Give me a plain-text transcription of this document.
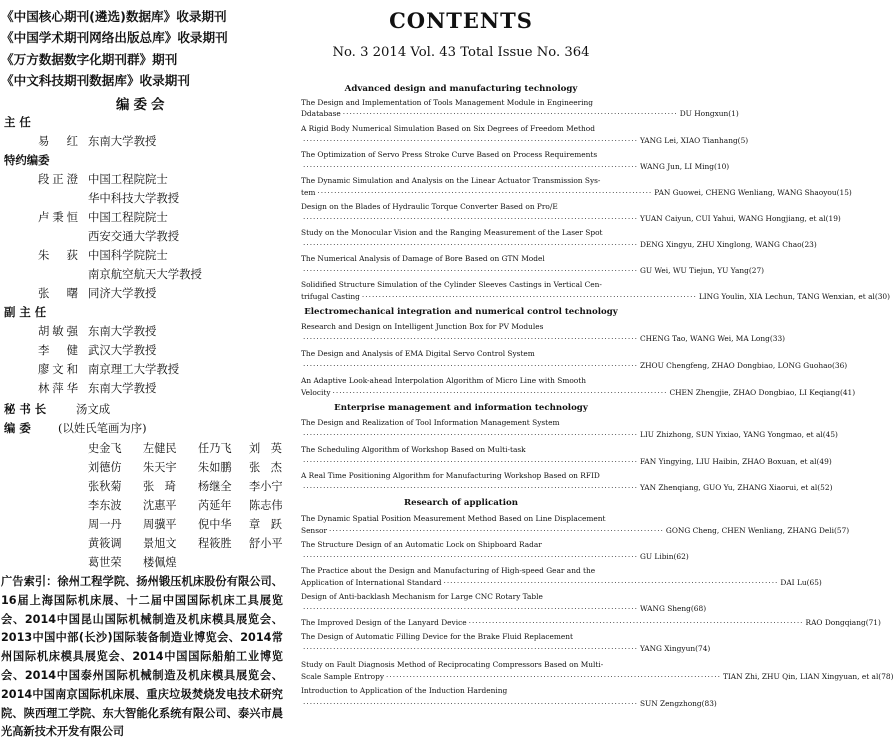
《中国核心期刊(遴选)数据库》收录期刊
《中国学术期刊网络出版总库》收录期刊
《万方数据数字化期刊群》期刊
《中文科技期刊数据库》收录期刊
编委会
主 任
易 红 东南大学教授
特约编委
段正澄 中国工程院院士
华中科技大学教授
卢秉恒 中国工程院院士
西安交通大学教授
朱 荻 中国科学院院士
南京航空航天大学教授
张 曙 同济大学教授
副 主 任
胡敏强 东南大学教授
李 健 武汉大学教授
廖文和 南京理工大学教授
林萍华 东南大学教授
秘 书 长	汤文成
编 委 (以姓氏笔画为序)
史金飞 左健民 任乃飞 刘 英
刘德仿 朱天宇 朱如鹏 张 杰
张秋菊 张 琦 杨继全 李小宁
李东波 沈惠平 芮延年 陈志伟
周一丹 周骥平 倪中华 章 跃
黄筱调 景旭文 程筱胜 舒小平
葛世荣 楼佩煌
广告索引：徐州工程学院、扬州锻压机床股份有限公司、16届上海国际机床展、十二届中国国际机床工具展览会、2014中国昆山国际机械制造及机床模具展览会、2013中国中部(长沙)国际装备制造业博览会、2014常州国际机床模具展览会、2014中国国际船舶工业博览会、2014中国泰州国际机械制造及机床模具展览会、2014中国南京国际机床展、重庆垃圾焚烧发电技术研究院、陕西理工学院、东大智能化系统有限公司、泰兴市晨光高新技术开发有限公司
CONTENTS
No. 3 2014 Vol. 43 Total Issue No. 364
Advanced design and manufacturing technology
The Design and Implementation of Tools Management Module in Engineering
Ddatabase ···································································································· DU Hongxun(1)
A Rigid Body Numerical Simulation Based on Six Degrees of Freedom Method
···································································································· YANG Lei, XIAO Tianhang(5)
The Optimization of Servo Press Stroke Curve Based on Process Requirements
···································································································· WANG Jun, LI Ming(10)
The Dynamic Simulation and Analysis on the Linear Actuator Transmission Sys-
tem ···································································································· PAN Guowei, CHENG Wenliang, WANG Shaoyou(15)
Design on the Blades of Hydraulic Torque Converter Based on Pro/E
···································································································· YUAN Caiyun, CUI Yahui, WANG Hongjiang, et al(19)
Study on the Monocular Vision and the Ranging Measurement of the Laser Spot
···································································································· DENG Xingyu, ZHU Xinglong, WANG Chao(23)
The Numerical Analysis of Damage of Bore Based on GTN Model
···································································································· GU Wei, WU Tiejun, YU Yang(27)
Solidified Structure Simulation of the Cylinder Sleeves Castings in Vertical Cen-
trifugal Casting ···································································································· LING Youlin, XIA Lechun, TANG Wenxian, et al(30)
Electromechanical integration and numerical control technology
Research and Design on Intelligent Junction Box for PV Modules
···································································································· CHENG Tao, WANG Wei, MA Long(33)
The Design and Analysis of EMA Digital Servo Control System
···································································································· ZHOU Chengfeng, ZHAO Dongbiao, LONG Guohao(36)
An Adaptive Look-ahead Interpolation Algorithm of Micro Line with Smooth
Velocity ···································································································· CHEN Zhengjie, ZHAO Dongbiao, LI Keqiang(41)
Enterprise management and information technology
The Design and Realization of Tool Information Management System
···································································································· LIU Zhizhong, SUN Yixiao, YANG Yongmao, et al(45)
The Scheduling Algorithm of Workshop Based on Multi-task
···································································································· FAN Yingying, LIU Haibin, ZHAO Boxuan, et al(49)
A Real Time Positioning Algorithm for Manufacturing Workshop Based on RFID
···································································································· YAN Zhenqiang, GUO Yu, ZHANG Xiaorui, et al(52)
Research of application
The Dynamic Spatial Position Measurement Method Based on Line Displacement
Sensor ···································································································· GONG Cheng, CHEN Wenliang, ZHANG Deli(57)
The Structure Design of an Automatic Lock on Shipboard Radar
···································································································· GU Libin(62)
The Practice about the Design and Manufacturing of High-speed Gear and the
Application of International Standard ···································································································· DAI Lu(65)
Design of Anti-backlash Mechanism for Large CNC Rotary Table
···································································································· WANG Sheng(68)
The Improved Design of the Lanyard Device ···································································································· RAO Dongqiang(71)
The Design of Automatic Filling Device for the Brake Fluid Replacement
···································································································· YANG Xingyun(74)
Study on Fault Diagnosis Method of Reciprocating Compressors Based on Multi-
Scale Sample Entropy ···································································································· TIAN Zhi, ZHU Qin, LIAN Xingyuan, et al(78)
Introduction to Application of the Induction Hardening
···································································································· SUN Zengzhong(83)
